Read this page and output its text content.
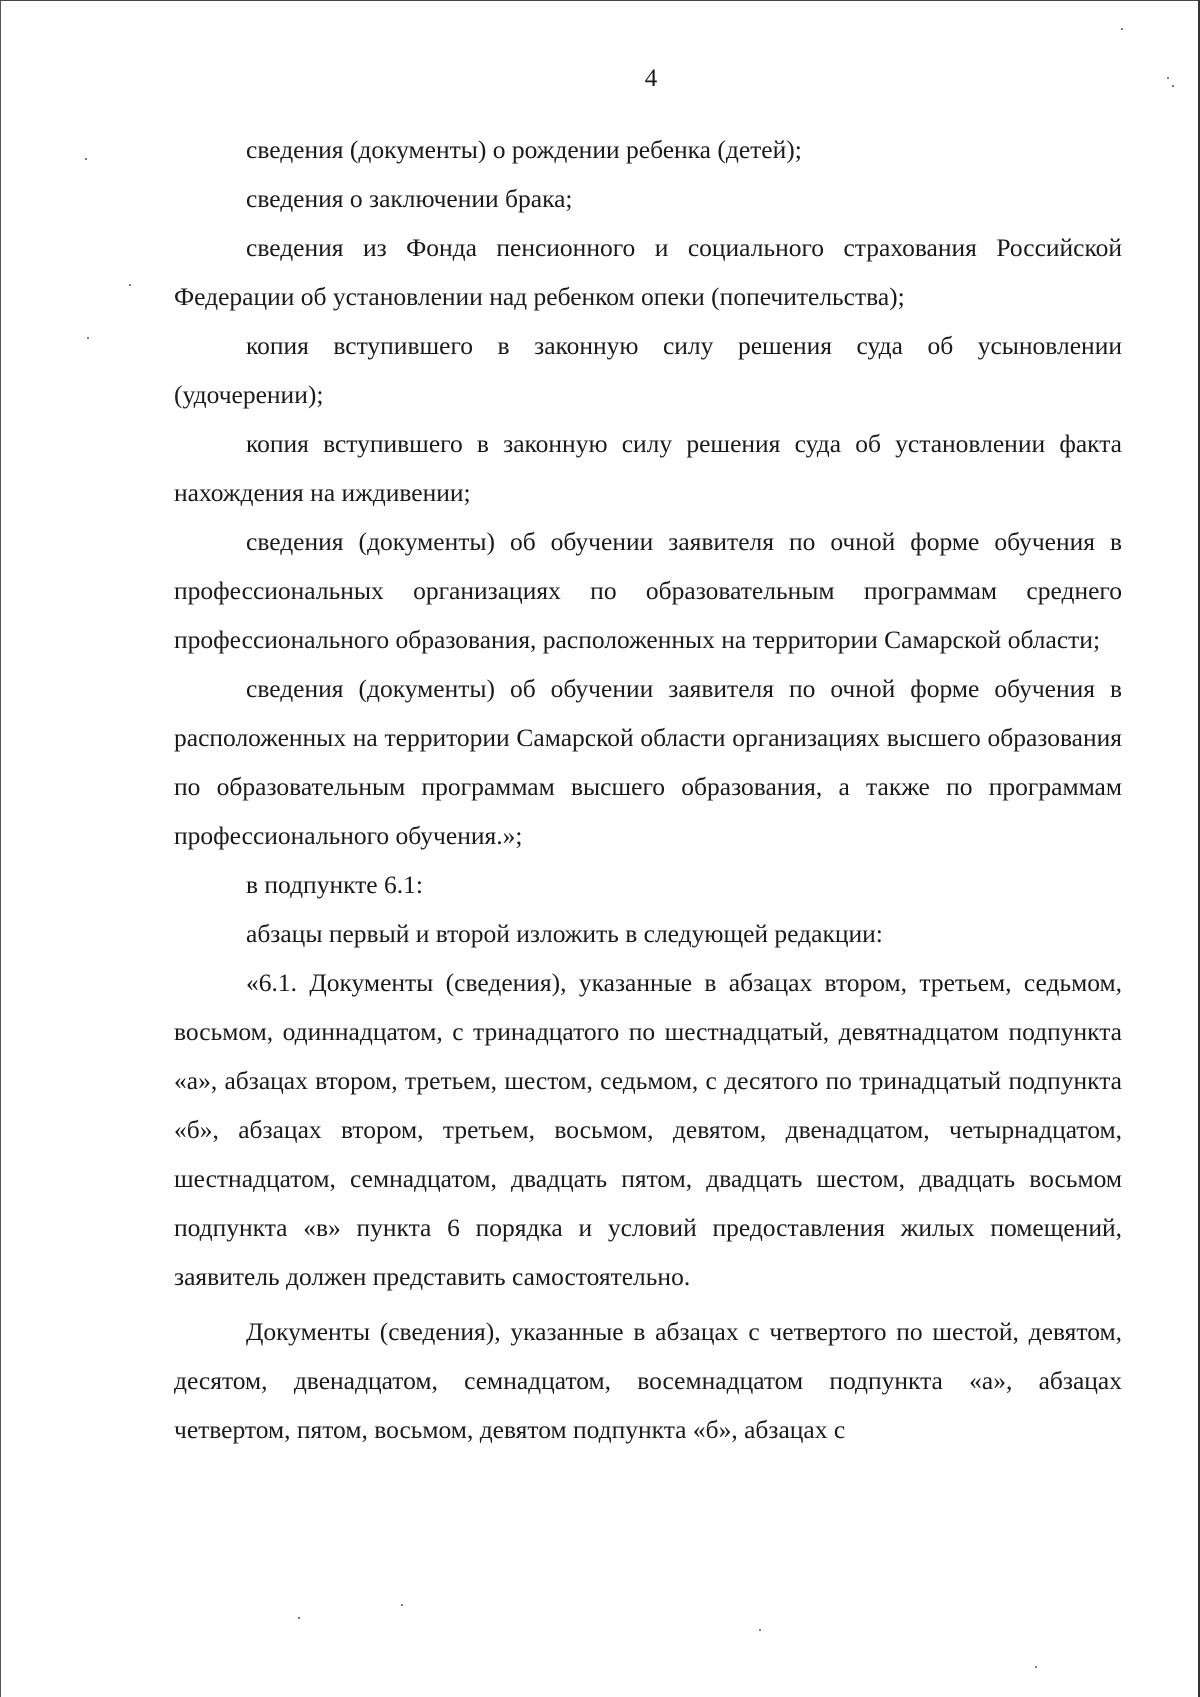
4

сведения (документы) о рождении ребенка (детей);

сведения о заключении брака;

сведения из Фонда пенсионного и социального страхования Российской Федерации об установлении над ребенком опеки (попечительства);

копия вступившего в законную силу решения суда об усыновлении (удочерении);

копия вступившего в законную силу решения суда об установлении факта нахождения на иждивении;

сведения (документы) об обучении заявителя по очной форме обучения в профессиональных организациях по образовательным программам среднего профессионального образования, расположенных на территории Самарской области;

сведения (документы) об обучении заявителя по очной форме обучения в расположенных на территории Самарской области организациях высшего образования по образовательным программам высшего образования, а также по программам профессионального обучения.»;

в подпункте 6.1:

абзацы первый и второй изложить в следующей редакции:

«6.1. Документы (сведения), указанные в абзацах втором, третьем, седьмом, восьмом, одиннадцатом, с тринадцатого по шестнадцатый, девятнадцатом подпункта «а», абзацах втором, третьем, шестом, седьмом, с десятого по тринадцатый подпункта «б», абзацах втором, третьем, восьмом, девятом, двенадцатом, четырнадцатом, шестнадцатом, семнадцатом, двадцать пятом, двадцать шестом, двадцать восьмом подпункта «в» пункта 6 порядка и условий предоставления жилых помещений, заявитель должен представить самостоятельно.

Документы (сведения), указанные в абзацах с четвертого по шестой, девятом, десятом, двенадцатом, семнадцатом, восемнадцатом подпункта «а», абзацах четвертом, пятом, восьмом, девятом подпункта «б», абзацах с
